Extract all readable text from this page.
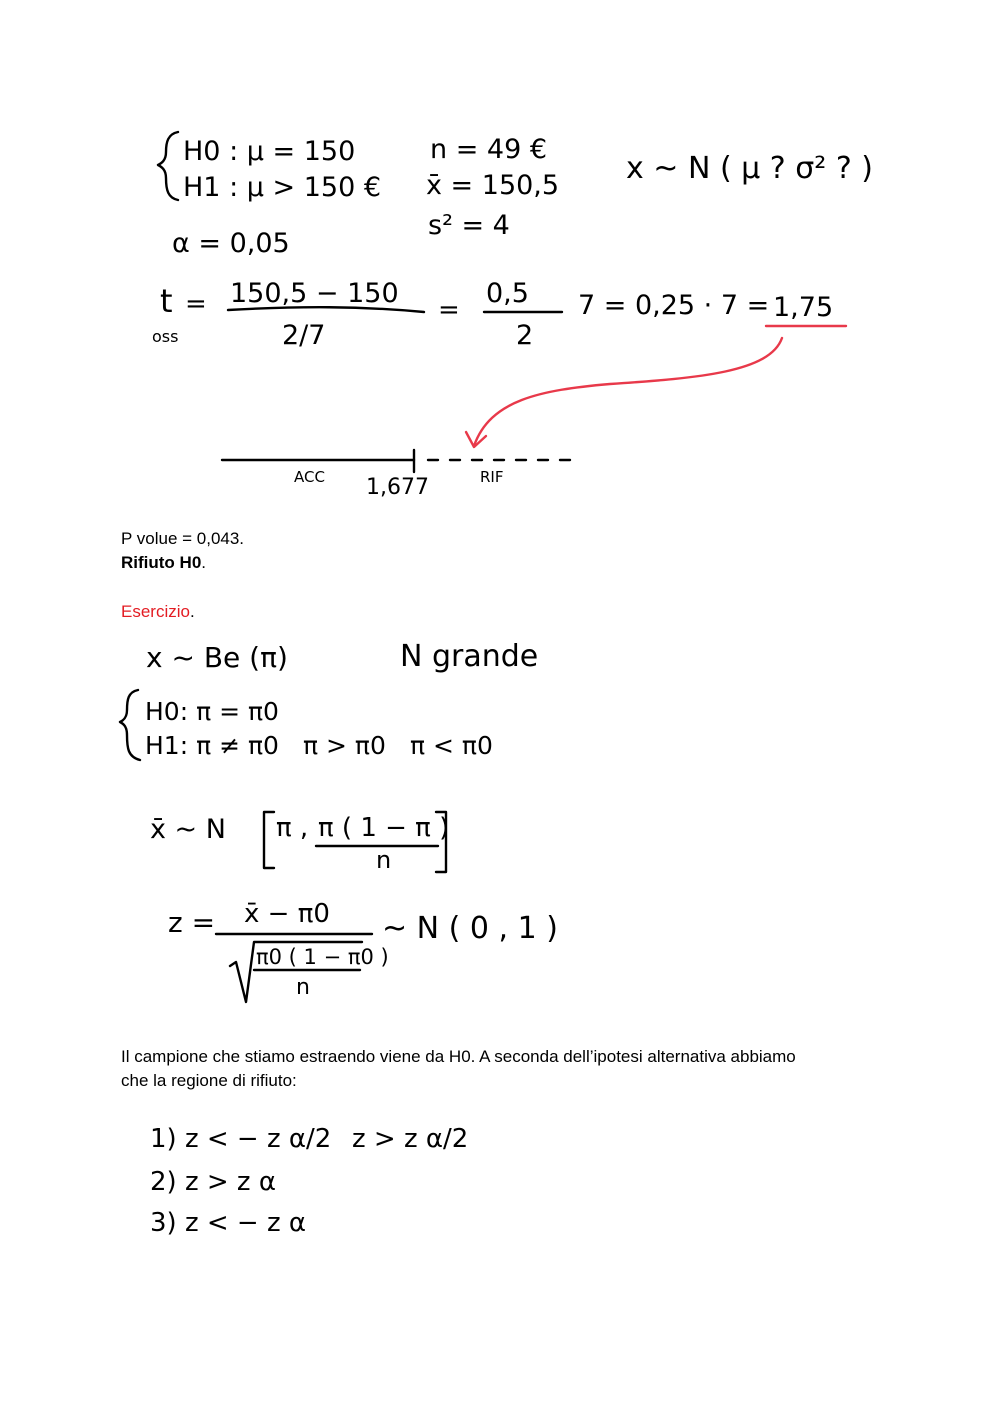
H0 : μ = 150
H1 : μ > 150 €
n = 49 €
x̄ = 150,5
s² = 4
x ~ N ( μ ? σ² ? )
α = 0,05
t =
oss
150,5 − 150
2/7
=
0,5
2
7 = 0,25 · 7 = 1,75
ACC 1,677	RIF
P volue = 0,043.
Rifiuto H0.
Esercizio.
x ~ Be (π)	N grande
H0: π = π0
H1: π ≠ π0 π > π0 π < π0
x̄ ~ N π , π ( 1 − π )
n
z = x̄ − π0
π0 ( 1 − π0 )
n
~ N ( 0 , 1 )
Il campione che stiamo estraendo viene da H0. A seconda dell’ipotesi alternativa abbiamo
che la regione di rifiuto:
1) z < − z α/2 z > z α/2
2) z > z α
3) z < − z α
